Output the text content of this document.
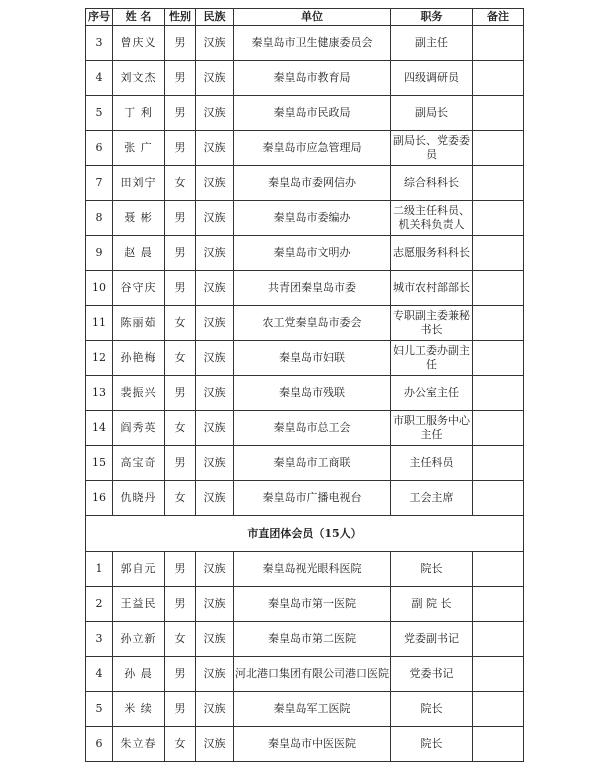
序号	姓 名	性别	民族	单位	职务	备注
3	曾庆义	男	汉族	秦皇岛市卫生健康委员会	副主任	
4	刘文杰	男	汉族	秦皇岛市教育局	四级调研员	
5	丁 利	男	汉族	秦皇岛市民政局	副局长	
6	张 广	男	汉族	秦皇岛市应急管理局	副局长、党委委员	
7	田刘宁	女	汉族	秦皇岛市委网信办	综合科科长	
8	聂 彬	男	汉族	秦皇岛市委编办	二级主任科员、机关科负责人	
9	赵 晨	男	汉族	秦皇岛市文明办	志愿服务科科长	
10	谷守庆	男	汉族	共青团秦皇岛市委	城市农村部部长	
11	陈丽茹	女	汉族	农工党秦皇岛市委会	专职副主委兼秘书长	
12	孙艳梅	女	汉族	秦皇岛市妇联	妇儿工委办副主任	
13	裴振兴	男	汉族	秦皇岛市残联	办公室主任	
14	阎秀英	女	汉族	秦皇岛市总工会	市职工服务中心主任	
15	高宝奇	男	汉族	秦皇岛市工商联	主任科员	
16	仇晓丹	女	汉族	秦皇岛市广播电视台	工会主席	
市直团体会员（15人）						
1	郭自元	男	汉族	秦皇岛视光眼科医院	院长	
2	王益民	男	汉族	秦皇岛市第一医院	副 院 长	
3	孙立新	女	汉族	秦皇岛市第二医院	党委副书记	
4	孙 晨	男	汉族	河北港口集团有限公司港口医院	党委书记	
5	米 续	男	汉族	秦皇岛军工医院	院长	
6	朱立春	女	汉族	秦皇岛市中医医院	院长	
